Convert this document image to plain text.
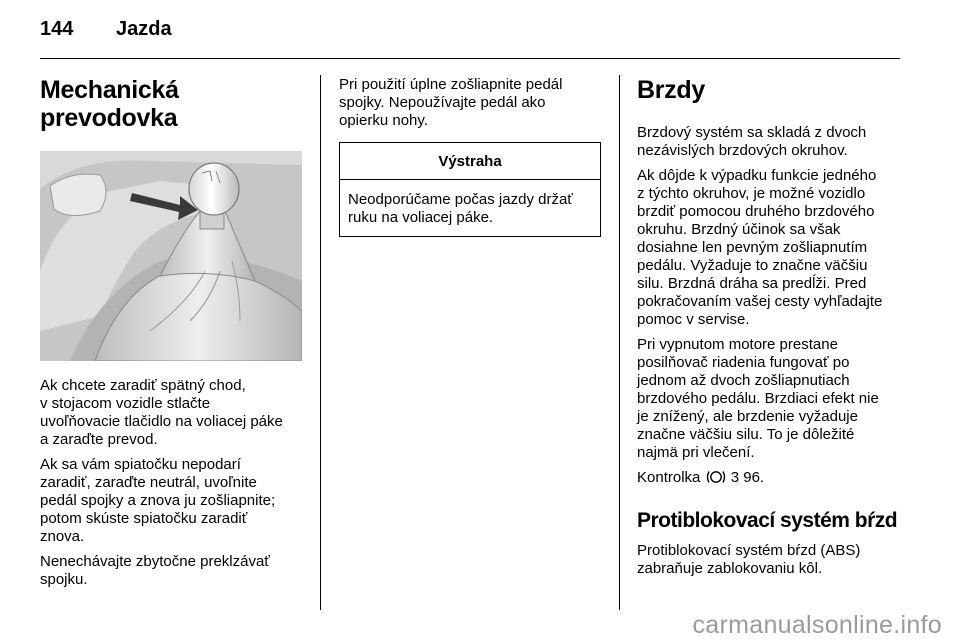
144 Jazda
Mechanická
prevodovka

Ak chcete zaradiť spätný chod,
v stojacom vozidle stlačte
uvoľňovacie tlačidlo na voliacej páke
a zaraďte prevod.

Ak sa vám spiatočku nepodarí
zaradiť, zaraďte neutrál, uvoľnite
pedál spojky a znova ju zošliapnite;
potom skúste spiatočku zaradiť
znova.

Nenechávajte zbytočne preklzávať
spojku.

Pri použití úplne zošliapnite pedál
spojky. Nepoužívajte pedál ako
opierku nohy.

Výstraha
Neodporúčame počas jazdy držať
ruku na voliacej páke.
Brzdy

Brzdový systém sa skladá z dvoch
nezávislých brzdových okruhov.

Ak dôjde k výpadku funkcie jedného
z týchto okruhov, je možné vozidlo
brzdiť pomocou druhého brzdového
okruhu. Brzdný účinok sa však
dosiahne len pevným zošliapnutím
pedálu. Vyžaduje to značne väčšiu
silu. Brzdná dráha sa predĺži. Pred
pokračovaním vašej cesty vyhľadajte
pomoc v servise.

Pri vypnutom motore prestane
posilňovač riadenia fungovať po
jednom až dvoch zošliapnutiach
brzdového pedálu. Brzdiaci efekt nie
je znížený, ale brzdenie vyžaduje
značne väčšiu silu. To je dôležité
najmä pri vlečení.

Kontrolka 3 96.

Protiblokovací systém bŕzd

Protiblokovací systém bŕzd (ABS)
zabraňuje zablokovaniu kôl.

carmanualsonline.info
